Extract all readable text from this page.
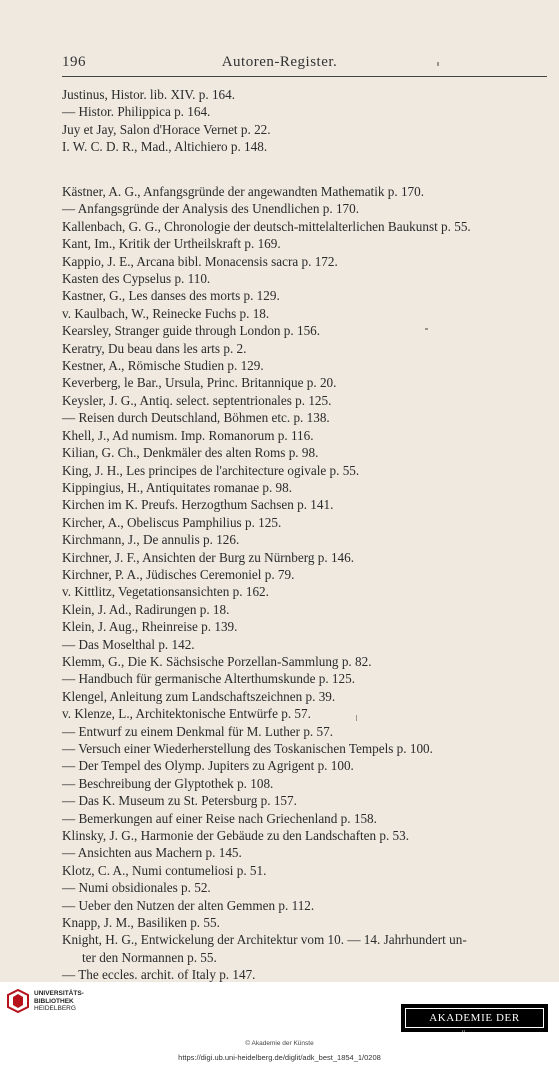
Autoren-Register.
196
Justinus, Histor. lib. XIV. p. 164.
— Histor. Philippica p. 164.
Juy et Jay, Salon d'Horace Vernet p. 22.
I. W. C. D. R., Mad., Altichiero p. 148.
Kästner, A. G., Anfangsgründe der angewandten Mathematik p. 170.
— Anfangsgründe der Analysis des Unendlichen p. 170.
Kallenbach, G. G., Chronologie der deutsch-mittelalterlichen Baukunst p. 55.
Kant, Im., Kritik der Urtheilskraft p. 169.
Kappio, J. E., Arcana bibl. Monacensis sacra p. 172.
Kasten des Cypselus p. 110.
Kastner, G., Les danses des morts p. 129.
v. Kaulbach, W., Reinecke Fuchs p. 18.
Kearsley, Stranger guide through London p. 156.
Keratry, Du beau dans les arts p. 2.
Kestner, A., Römische Studien p. 129.
Keverberg, le Bar., Ursula, Princ. Britannique p. 20.
Keysler, J. G., Antiq. select. septentrionales p. 125.
— Reisen durch Deutschland, Böhmen etc. p. 138.
Khell, J., Ad numism. Imp. Romanorum p. 116.
Kilian, G. Ch., Denkmäler des alten Roms p. 98.
King, J. H., Les principes de l'architecture ogivale p. 55.
Kippingius, H., Antiquitates romanae p. 98.
Kirchen im K. Preufs. Herzogthum Sachsen p. 141.
Kircher, A., Obeliscus Pamphilius p. 125.
Kirchmann, J., De annulis p. 126.
Kirchner, J. F., Ansichten der Burg zu Nürnberg p. 146.
Kirchner, P. A., Jüdisches Ceremoniel p. 79.
v. Kittlitz, Vegetationsansichten p. 162.
Klein, J. Ad., Radirungen p. 18.
Klein, J. Aug., Rheinreise p. 139.
— Das Moselthal p. 142.
Klemm, G., Die K. Sächsische Porzellan-Sammlung p. 82.
— Handbuch für germanische Alterthumskunde p. 125.
Klengel, Anleitung zum Landschaftszeichnen p. 39.
v. Klenze, L., Architektonische Entwürfe p. 57.
— Entwurf zu einem Denkmal für M. Luther p. 57.
— Versuch einer Wiederherstellung des Toskanischen Tempels p. 100.
— Der Tempel des Olymp. Jupiters zu Agrigent p. 100.
— Beschreibung der Glyptothek p. 108.
— Das K. Museum zu St. Petersburg p. 157.
— Bemerkungen auf einer Reise nach Griechenland p. 158.
Klinsky, J. G., Harmonie der Gebäude zu den Landschaften p. 53.
— Ansichten aus Machern p. 145.
Klotz, C. A., Numi contumeliosi p. 51.
— Numi obsidionales p. 52.
— Ueber den Nutzen der alten Gemmen p. 112.
Knapp, J. M., Basiliken p. 55.
Knight, H. G., Entwickelung der Architektur vom 10. — 14. Jahrhundert un-
ter den Normannen p. 55.
— The eccles. archit. of Italy p. 147.
UNIVERSITÄTS-
BIBLIOTHEK
HEIDELBERG
AKADEMIE DER KÜNSTE
© Akademie der Künste
https://digi.ub.uni-heidelberg.de/diglit/adk_best_1854_1/0208
